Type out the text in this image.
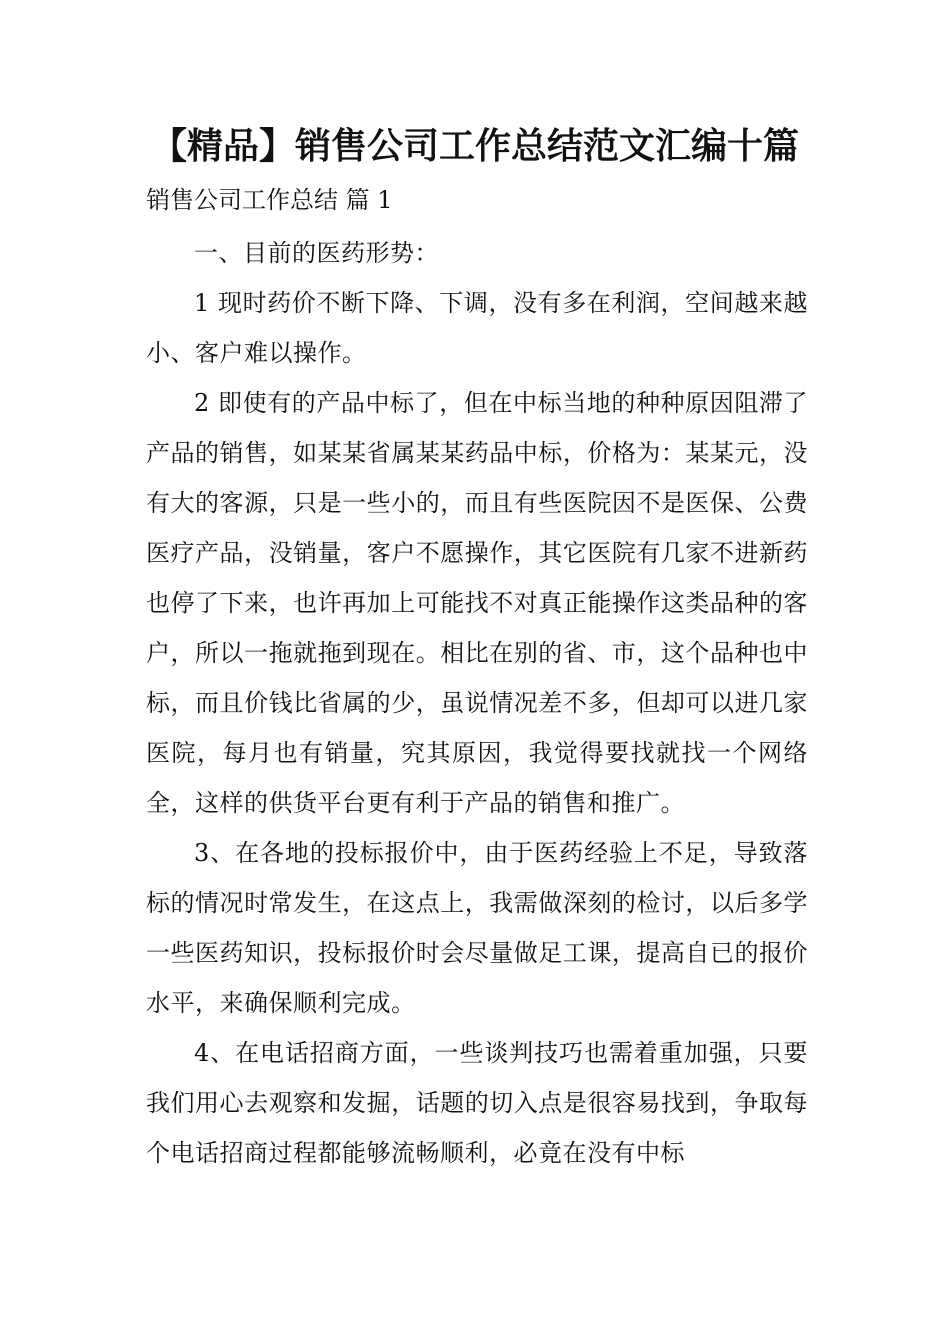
【精品】销售公司工作总结范文汇编十篇

销售公司工作总结 篇 1

一、目前的医药形势：

1 现时药价不断下降、下调，没有多在利润，空间越来越小、客户难以操作。

2 即使有的产品中标了，但在中标当地的种种原因阻滞了产品的销售，如某某省属某某药品中标，价格为：某某元，没有大的客源，只是一些小的，而且有些医院因不是医保、公费医疗产品，没销量，客户不愿操作，其它医院有几家不进新药也停了下来，也许再加上可能找不对真正能操作这类品种的客户，所以一拖就拖到现在。相比在别的省、市，这个品种也中标，而且价钱比省属的少，虽说情况差不多，但却可以进几家医院，每月也有销量，究其原因，我觉得要找就找一个网络全，这样的供货平台更有利于产品的销售和推广。

3、在各地的投标报价中，由于医药经验上不足，导致落标的情况时常发生，在这点上，我需做深刻的检讨，以后多学一些医药知识，投标报价时会尽量做足工课，提高自已的报价水平，来确保顺利完成。

4、在电话招商方面，一些谈判技巧也需着重加强，只要我们用心去观察和发掘，话题的切入点是很容易找到，争取每个电话招商过程都能够流畅顺利，必竟在没有中标
